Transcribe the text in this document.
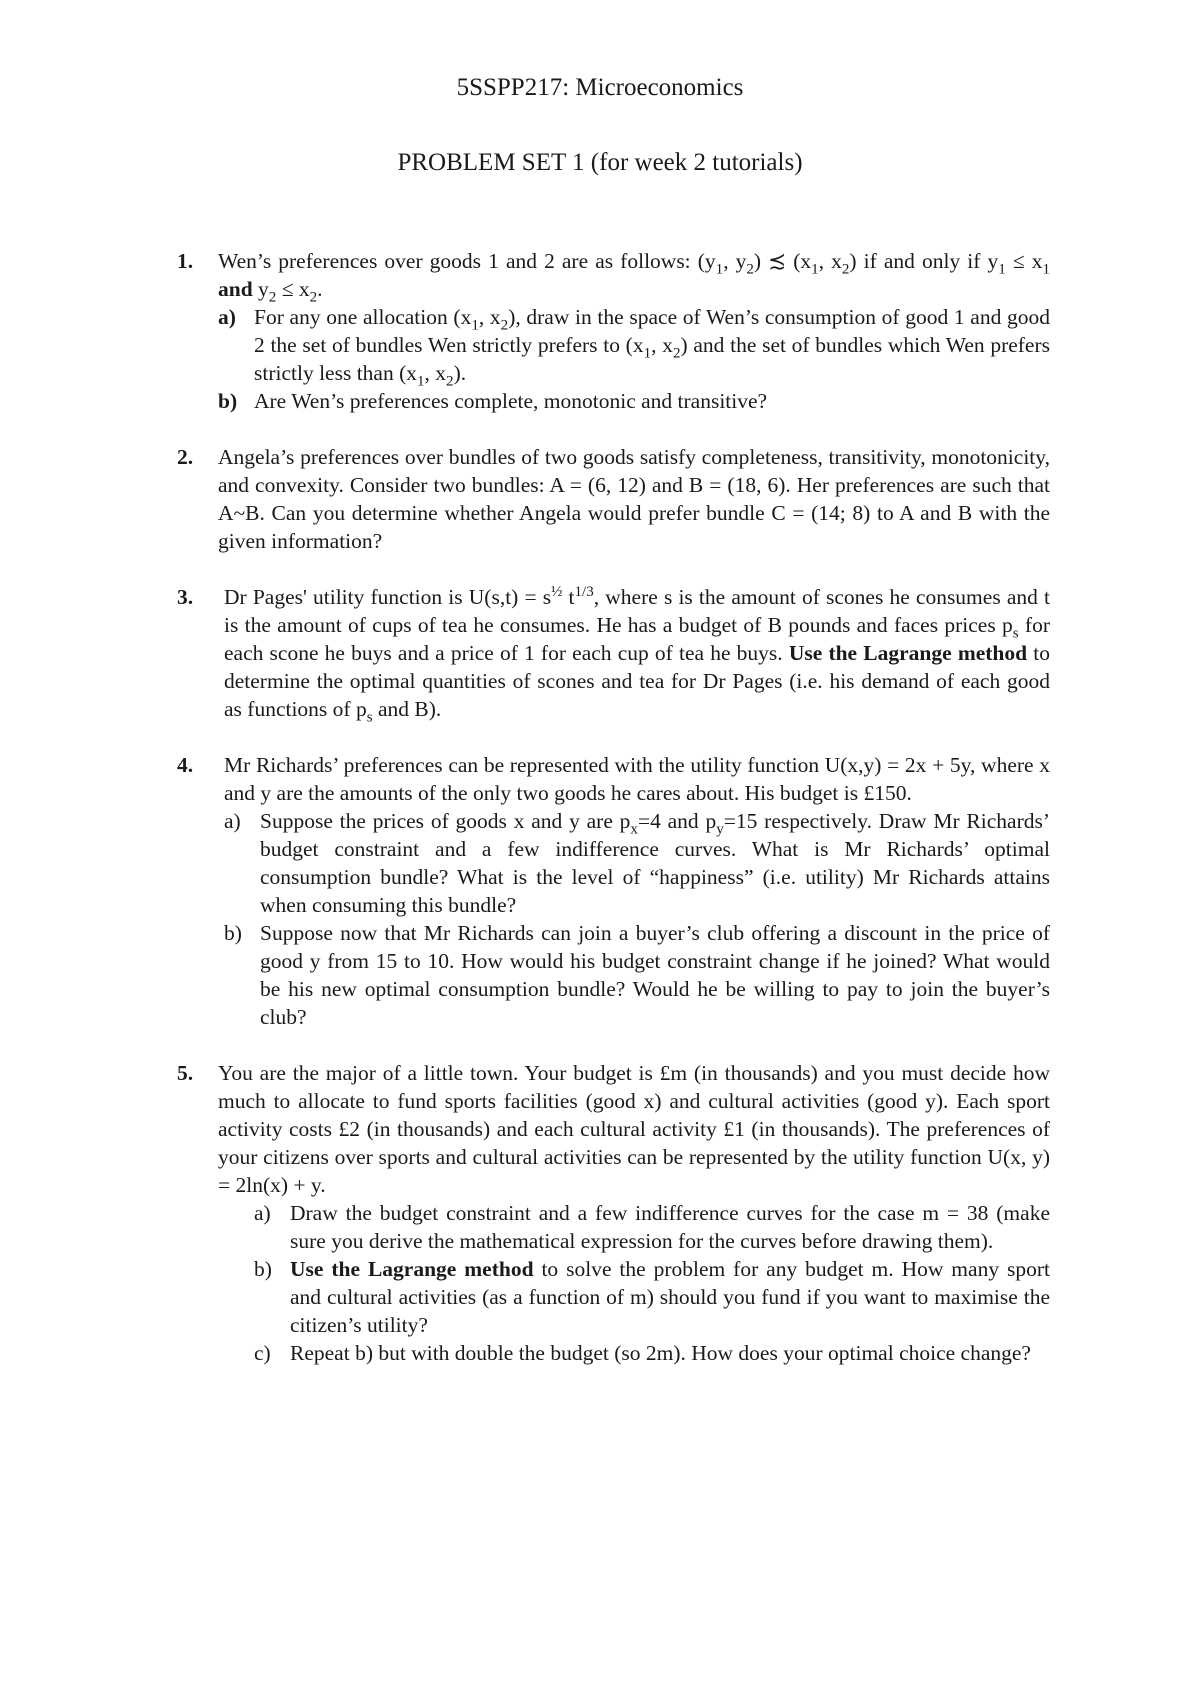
5SSPP217: Microeconomics
PROBLEM SET 1 (for week 2 tutorials)
1. Wen’s preferences over goods 1 and 2 are as follows: ($y_1$, $y_2$) ≾ ($x_1$, $x_2$) if and only if $y_1 \le x_1$ and $y_2 \le x_2$.
a) For any one allocation ($x_1$, $x_2$), draw in the space of Wen’s consumption of good 1 and good 2 the set of bundles Wen strictly prefers to ($x_1$, $x_2$) and the set of bundles which Wen prefers strictly less than ($x_1$, $x_2$).
b) Are Wen’s preferences complete, monotonic and transitive?
2. Angela’s preferences over bundles of two goods satisfy completeness, transitivity, monotonicity, and convexity. Consider two bundles: A = (6, 12) and B = (18, 6). Her preferences are such that A~B. Can you determine whether Angela would prefer bundle C = (14; 8) to A and B with the given information?
3. Dr Pages' utility function is $U(s,t) = s^{\frac{1}{2}}$ $t^{1/3}$, where s is the amount of scones he consumes and t is the amount of cups of tea he consumes. He has a budget of B pounds and faces prices $p_s$ for each scone he buys and a price of 1 for each cup of tea he buys. Use the Lagrange method to determine the optimal quantities of scones and tea for Dr Pages (i.e. his demand of each good as functions of $p_s$ and B).
4. Mr Richards’ preferences can be represented with the utility function U(x,y) = 2x + 5y, where x and y are the amounts of the only two goods he cares about. His budget is £150.
a) Suppose the prices of goods x and y are $p_x=4$ and $p_y=15$ respectively. Draw Mr Richards’ budget constraint and a few indifference curves. What is Mr Richards’ optimal consumption bundle? What is the level of “happiness” (i.e. utility) Mr Richards attains when consuming this bundle?
b) Suppose now that Mr Richards can join a buyer’s club offering a discount in the price of good y from 15 to 10. How would his budget constraint change if he joined? What would be his new optimal consumption bundle? Would he be willing to pay to join the buyer’s club?
5. You are the major of a little town. Your budget is £m (in thousands) and you must decide how much to allocate to fund sports facilities (good x) and cultural activities (good y). Each sport activity costs £2 (in thousands) and each cultural activity £1 (in thousands). The preferences of your citizens over sports and cultural activities can be represented by the utility function U(x, y) = 2ln(x) + y.
a) Draw the budget constraint and a few indifference curves for the case m = 38 (make sure you derive the mathematical expression for the curves before drawing them).
b) Use the Lagrange method to solve the problem for any budget m. How many sport and cultural activities (as a function of m) should you fund if you want to maximise the citizen’s utility?
c) Repeat b) but with double the budget (so 2m). How does your optimal choice change?
